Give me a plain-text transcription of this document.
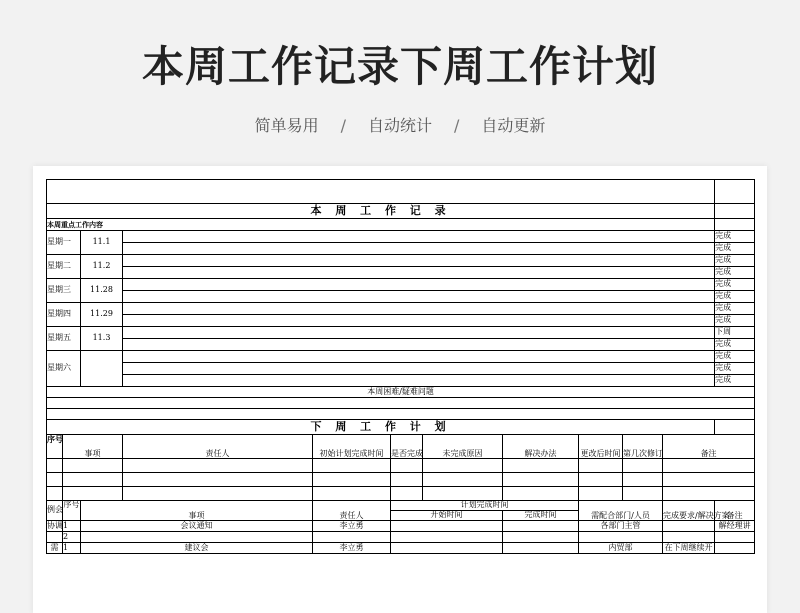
本周工作记录下周工作计划
简单易用 / 自动统计 / 自动更新

本 周 工 作 记 录											
本周重点工作内容											
星期一		11.1									完成
											完成
星期二		11.2									完成
											完成
星期三		11.28									完成
											完成
星期四		11.29									完成
											完成
星期五		11.3									下周
											完成
星期六											完成
											完成
											完成
本周困难/疑难问题											

下 周 工 作 计 划											
序号	事项		责任人	初始计划完成时间	是否完成	未完成原因	解决办法	更改后时间	第几次修订	备注	

例会	序号	事项		责任人	计划完成时间			需配合部门/人员		完成要求/解决方案	备注
					开始时间		完成时间				
协调	1	会议通知		李立勇				各部门主管			解经理讲
	2										
需	1	建议会		李立勇				内贸部		在下周继续开	
